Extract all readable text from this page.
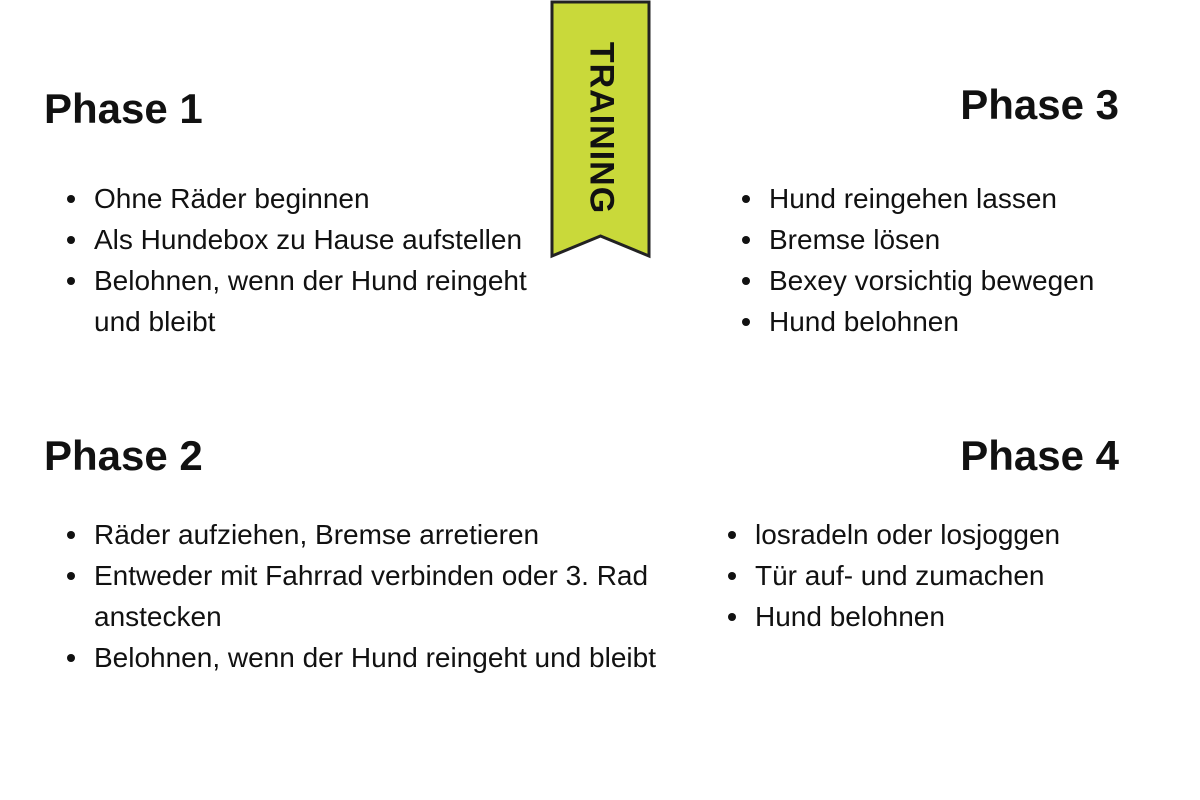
TRAINING
Phase 1
Ohne Räder beginnen
Als Hundebox zu Hause aufstellen
Belohnen, wenn der Hund reingeht und bleibt
Phase 2
Räder aufziehen, Bremse arretieren
Entweder mit Fahrrad verbinden oder 3. Rad anstecken
Belohnen, wenn der Hund reingeht und bleibt
Phase 3
Hund reingehen lassen
Bremse lösen
Bexey vorsichtig bewegen
Hund belohnen
Phase 4
losradeln oder losjoggen
Tür auf- und zumachen
Hund belohnen
